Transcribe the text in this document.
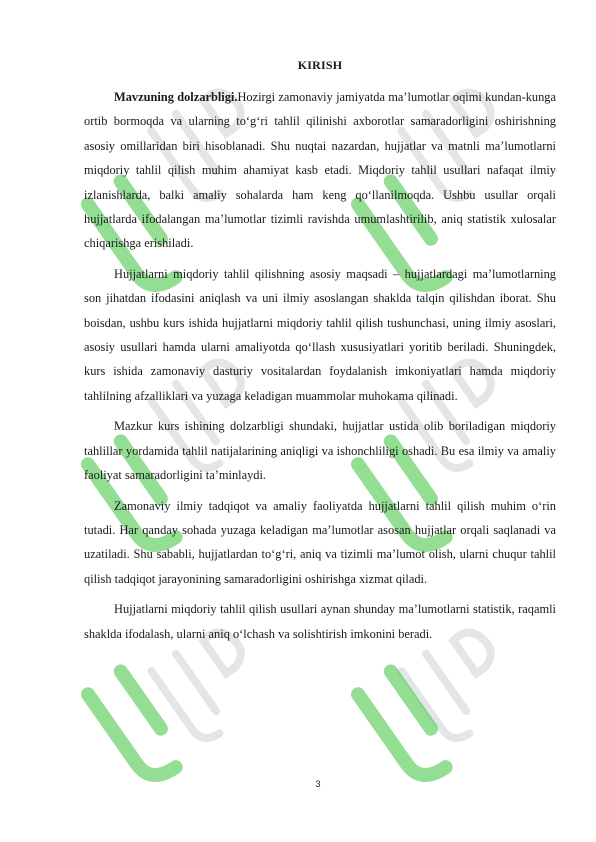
KIRISH

Mavzuning dolzarbligi.Hozirgi zamonaviy jamiyatda ma’lumotlar oqimi kundan-kunga ortib bormoqda va ularning to‘g‘ri tahlil qilinishi axborotlar samaradorligini oshirishning asosiy omillaridan biri hisoblanadi. Shu nuqtai nazardan, hujjatlar va matnli ma’lumotlarni miqdoriy tahlil qilish muhim ahamiyat kasb etadi. Miqdoriy tahlil usullari nafaqat ilmiy izlanishlarda, balki amaliy sohalarda ham keng qo‘llanilmoqda. Ushbu usullar orqali hujjatlarda ifodalangan ma’lumotlar tizimli ravishda umumlashtirilib, aniq statistik xulosalar chiqarishga erishiladi.

Hujjatlarni miqdoriy tahlil qilishning asosiy maqsadi – hujjatlardagi ma’lumotlarning son jihatdan ifodasini aniqlash va uni ilmiy asoslangan shaklda talqin qilishdan iborat. Shu boisdan, ushbu kurs ishida hujjatlarni miqdoriy tahlil qilish tushunchasi, uning ilmiy asoslari, asosiy usullari hamda ularni amaliyotda qo‘llash xususiyatlari yoritib beriladi. Shuningdek, kurs ishida zamonaviy dasturiy vositalardan foydalanish imkoniyatlari hamda miqdoriy tahlilning afzalliklari va yuzaga keladigan muammolar muhokama qilinadi.

Mazkur kurs ishining dolzarbligi shundaki, hujjatlar ustida olib boriladigan miqdoriy tahlillar yordamida tahlil natijalarining aniqligi va ishonchliligi oshadi. Bu esa ilmiy va amaliy faoliyat samaradorligini ta’minlaydi.

Zamonaviy ilmiy tadqiqot va amaliy faoliyatda hujjatlarni tahlil qilish muhim o‘rin tutadi. Har qanday sohada yuzaga keladigan ma’lumotlar asosan hujjatlar orqali saqlanadi va uzatiladi. Shu sababli, hujjatlardan to‘g‘ri, aniq va tizimli ma’lumot olish, ularni chuqur tahlil qilish tadqiqot jarayonining samaradorligini oshirishga xizmat qiladi.

Hujjatlarni miqdoriy tahlil qilish usullari aynan shunday ma’lumotlarni statistik, raqamli shaklda ifodalash, ularni aniq o‘lchash va solishtirish imkonini beradi.

3
